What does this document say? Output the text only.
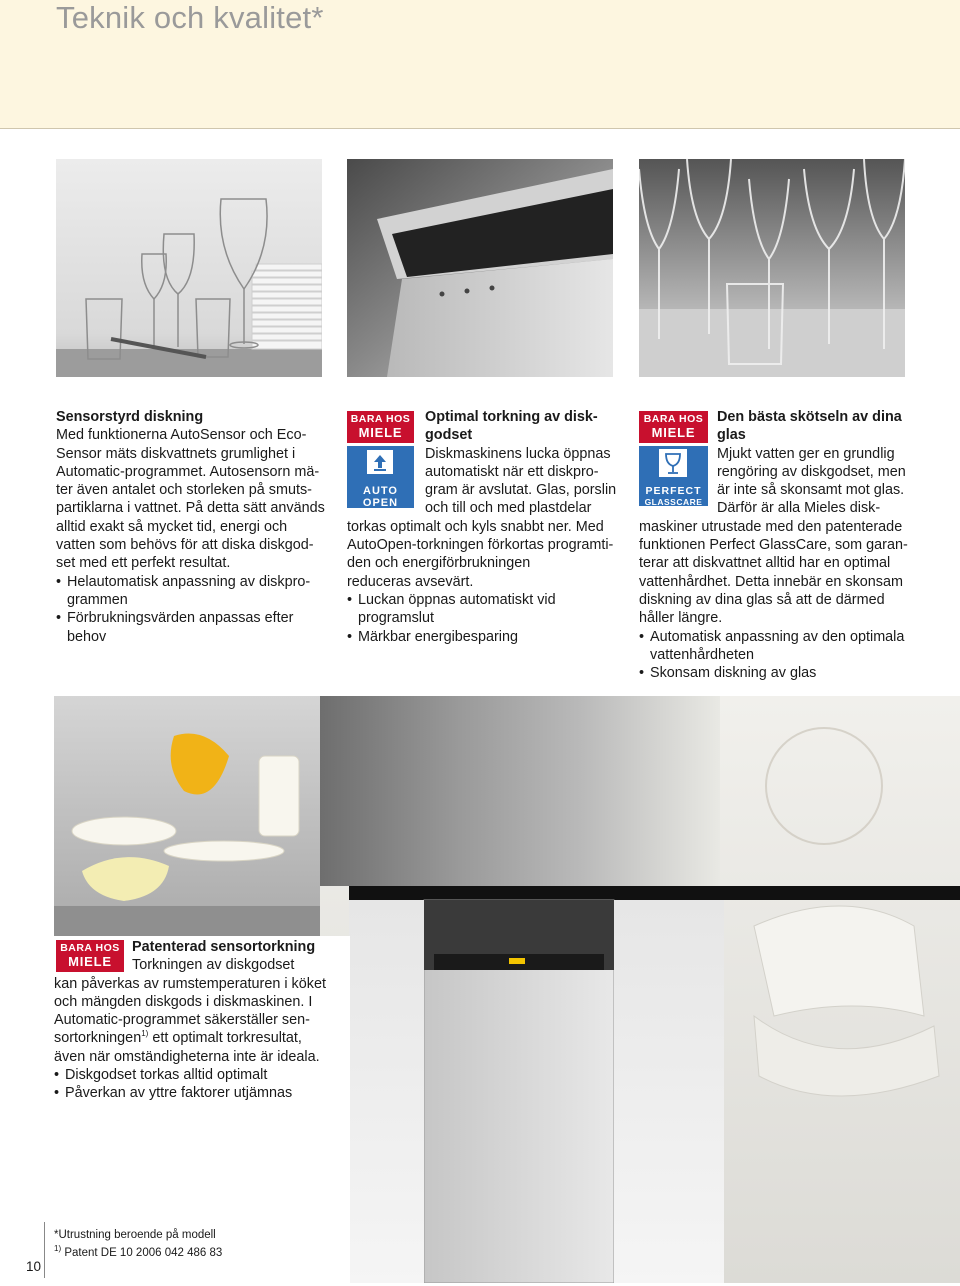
Teknik och kvalitet*

Sensorstyrd diskning

Med funktionerna AutoSensor och Eco-

Sensor mäts diskvattnets grumlighet i

Automatic-programmet. Autosensorn mä-

ter även antalet och storleken på smuts-

partiklarna i vattnet. På detta sätt används

alltid exakt så mycket tid, energi och

vatten som behövs för att diska diskgod-

set med ett perfekt resultat.

• Helautomatisk anpassning av diskpro-
grammen
• Förbrukningsvärden anpassas efter
behov
BARA HOS
MIELE
AUTO
OPEN

Optimal torkning av disk-

godset

Diskmaskinens lucka öppnas

automatiskt när ett diskpro-

gram är avslutat. Glas, porslin

och till och med plastdelar

torkas optimalt och kyls snabbt ner. Med

AutoOpen-torkningen förkortas programti-

den och energiförbrukningen

reduceras avsevärt.

• Luckan öppnas automatiskt vid
programslut
• Märkbar energibesparing
BARA HOS
MIELE
PERFECT
GLASSCARE

Den bästa skötseln av dina

glas

Mjukt vatten ger en grundlig

rengöring av diskgodset, men

är inte så skonsamt mot glas.

Därför är alla Mieles disk-

maskiner utrustade med den patenterade

funktionen Perfect GlassCare, som garan-

terar att diskvattnet alltid har en optimal

vattenhårdhet. Detta innebär en skonsam

diskning av dina glas så att de därmed

håller längre.

• Automatisk anpassning av den optimala
vattenhårdheten
• Skonsam diskning av glas
BARA HOS
MIELE

Patenterad sensortorkning

Torkningen av diskgodset

kan påverkas av rumstemperaturen i köket

och mängden diskgods i diskmaskinen. I

Automatic-programmet säkerställer sen-

sortorkningen$^{1)}$ ett optimalt torkresultat,

även när omständigheterna inte är ideala.

• Diskgodset torkas alltid optimalt
• Påverkan av yttre faktorer utjämnas
*Utrustning beroende på modell
$^{1)}$ Patent DE 10 2006 042 486 83
10
